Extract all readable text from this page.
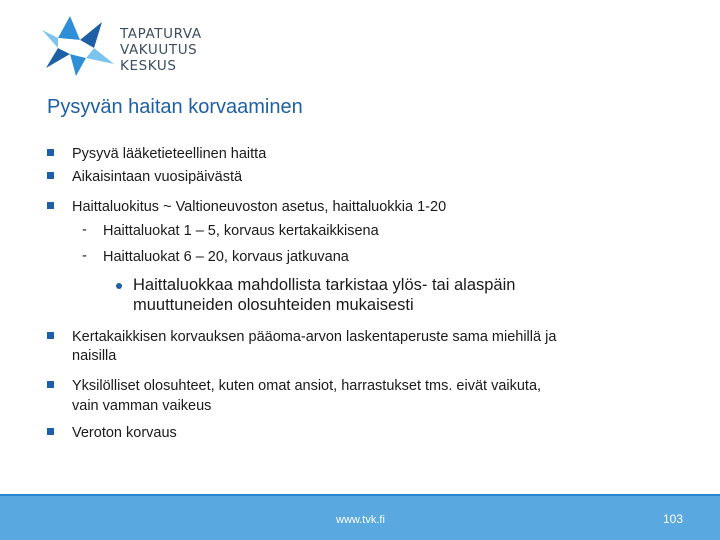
TAPATURVA
VAKUUTUS
KESKUS
Pysyvän haitan korvaaminen
Pysyvä lääketieteellinen haitta
Aikaisintaan vuosipäivästä
Haittaluokitus ~ Valtioneuvoston asetus, haittaluokkia 1-20
- Haittaluokat 1 – 5, korvaus kertakaikkisena
- Haittaluokat 6 – 20, korvaus jatkuvana
Haittaluokkaa mahdollista tarkistaa ylös- tai alaspäin
muuttuneiden olosuhteiden mukaisesti
Kertakaikkisen korvauksen pääoma-arvon laskentaperuste sama miehillä ja
naisilla
Yksilölliset olosuhteet, kuten omat ansiot, harrastukset tms. eivät vaikuta,
vain vamman vaikeus
Veroton korvaus
www.tvk.fi	103
